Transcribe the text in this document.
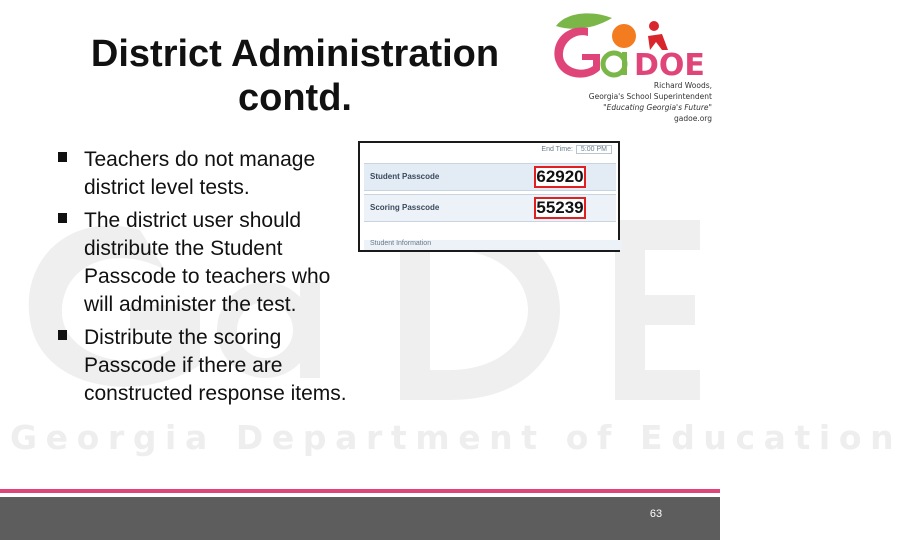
Georgia Department of Education
District Administration
contd.
DOE
Richard Woods,
Georgia's School Superintendent
"Educating Georgia's Future"
gadoe.org
Teachers do not manage district level tests.
The district user should distribute the Student Passcode to teachers who will administer the test.
Distribute the scoring Passcode if there are constructed response items.
End Time: 5:00 PM
Student Passcode	62920
Scoring Passcode	55239
Student Information
63
